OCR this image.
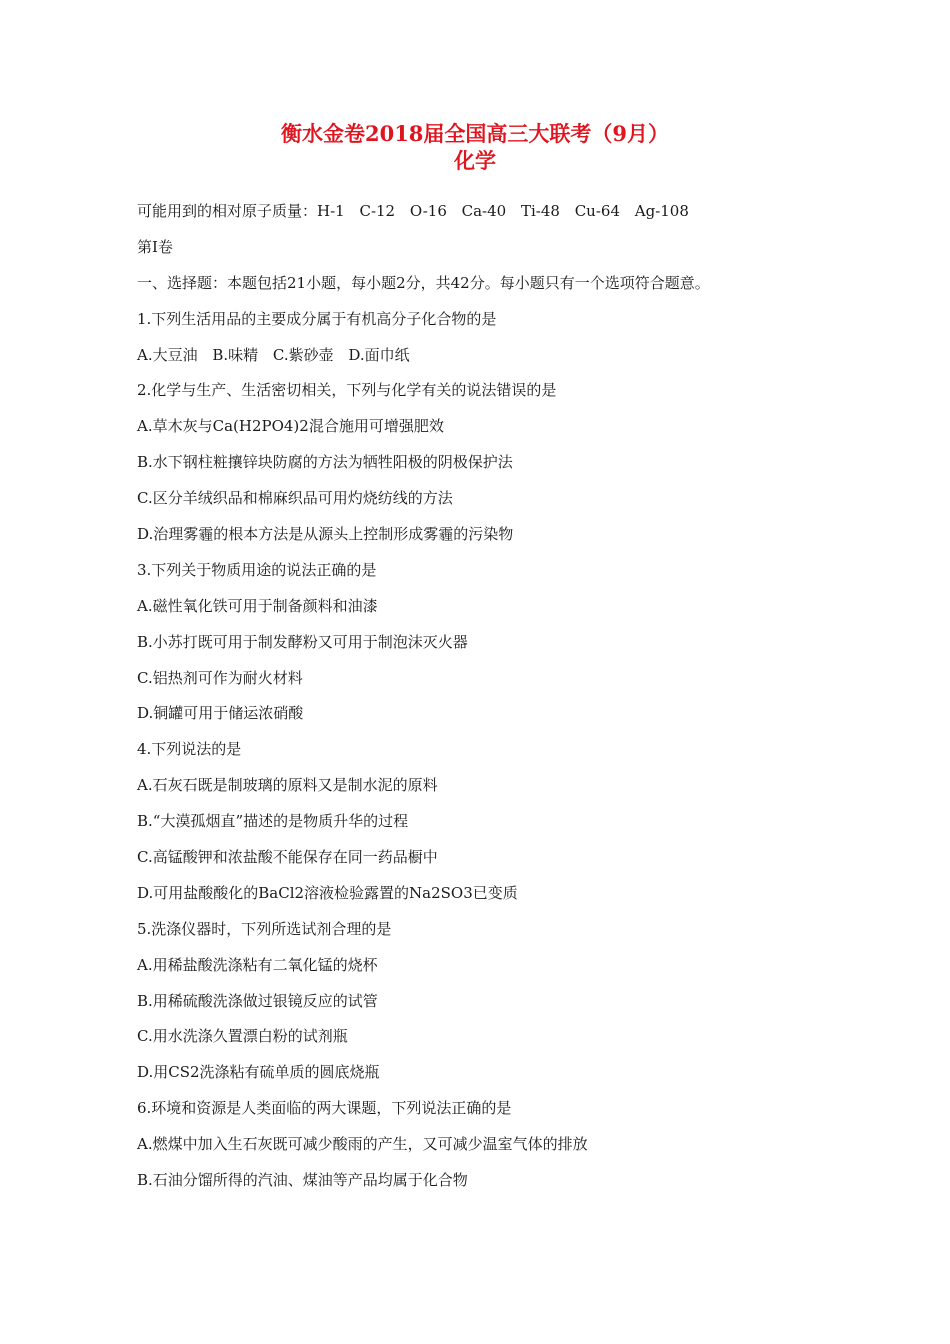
衡水金卷2018届全国高三大联考（9月）
化学
可能用到的相对原子质量：H-1 C-12 O-16 Ca-40 Ti-48 Cu-64 Ag-108
第I卷
一、选择题：本题包括21小题，每小题2分，共42分。每小题只有一个选项符合题意。
1.下列生活用品的主要成分属于有机高分子化合物的是
A.大豆油 B.味精 C.紫砂壶 D.面巾纸
2.化学与生产、生活密切相关，下列与化学有关的说法错误的是
A.草木灰与Ca(H2PO4)2混合施用可增强肥效
B.水下钢柱粧攘锌块防腐的方法为牺牲阳极的阴极保护法
C.区分羊绒织品和棉麻织品可用灼烧纺线的方法
D.治理雾霾的根本方法是从源头上控制形成雾霾的污染物
3.下列关于物质用途的说法正确的是
A.磁性氧化铁可用于制备颜料和油漆
B.小苏打既可用于制发酵粉又可用于制泡沫灭火器
C.铝热剂可作为耐火材料
D.铜罐可用于储运浓硝酸
4.下列说法的是
A.石灰石既是制玻璃的原料又是制水泥的原料
B.“大漠孤烟直”描述的是物质升华的过程
C.高锰酸钾和浓盐酸不能保存在同一药品橱中
D.可用盐酸酸化的BaCl2溶液检验露置的Na2SO3已变质
5.洗涤仪器时，下列所选试剂合理的是
A.用稀盐酸洗涤粘有二氧化锰的烧杯
B.用稀硫酸洗涤做过银镜反应的试管
C.用水洗涤久置漂白粉的试剂瓶
D.用CS2洗涤粘有硫单质的圆底烧瓶
6.环境和资源是人类面临的两大课题，下列说法正确的是
A.燃煤中加入生石灰既可减少酸雨的产生，又可减少温室气体的排放
B.石油分馏所得的汽油、煤油等产品均属于化合物
